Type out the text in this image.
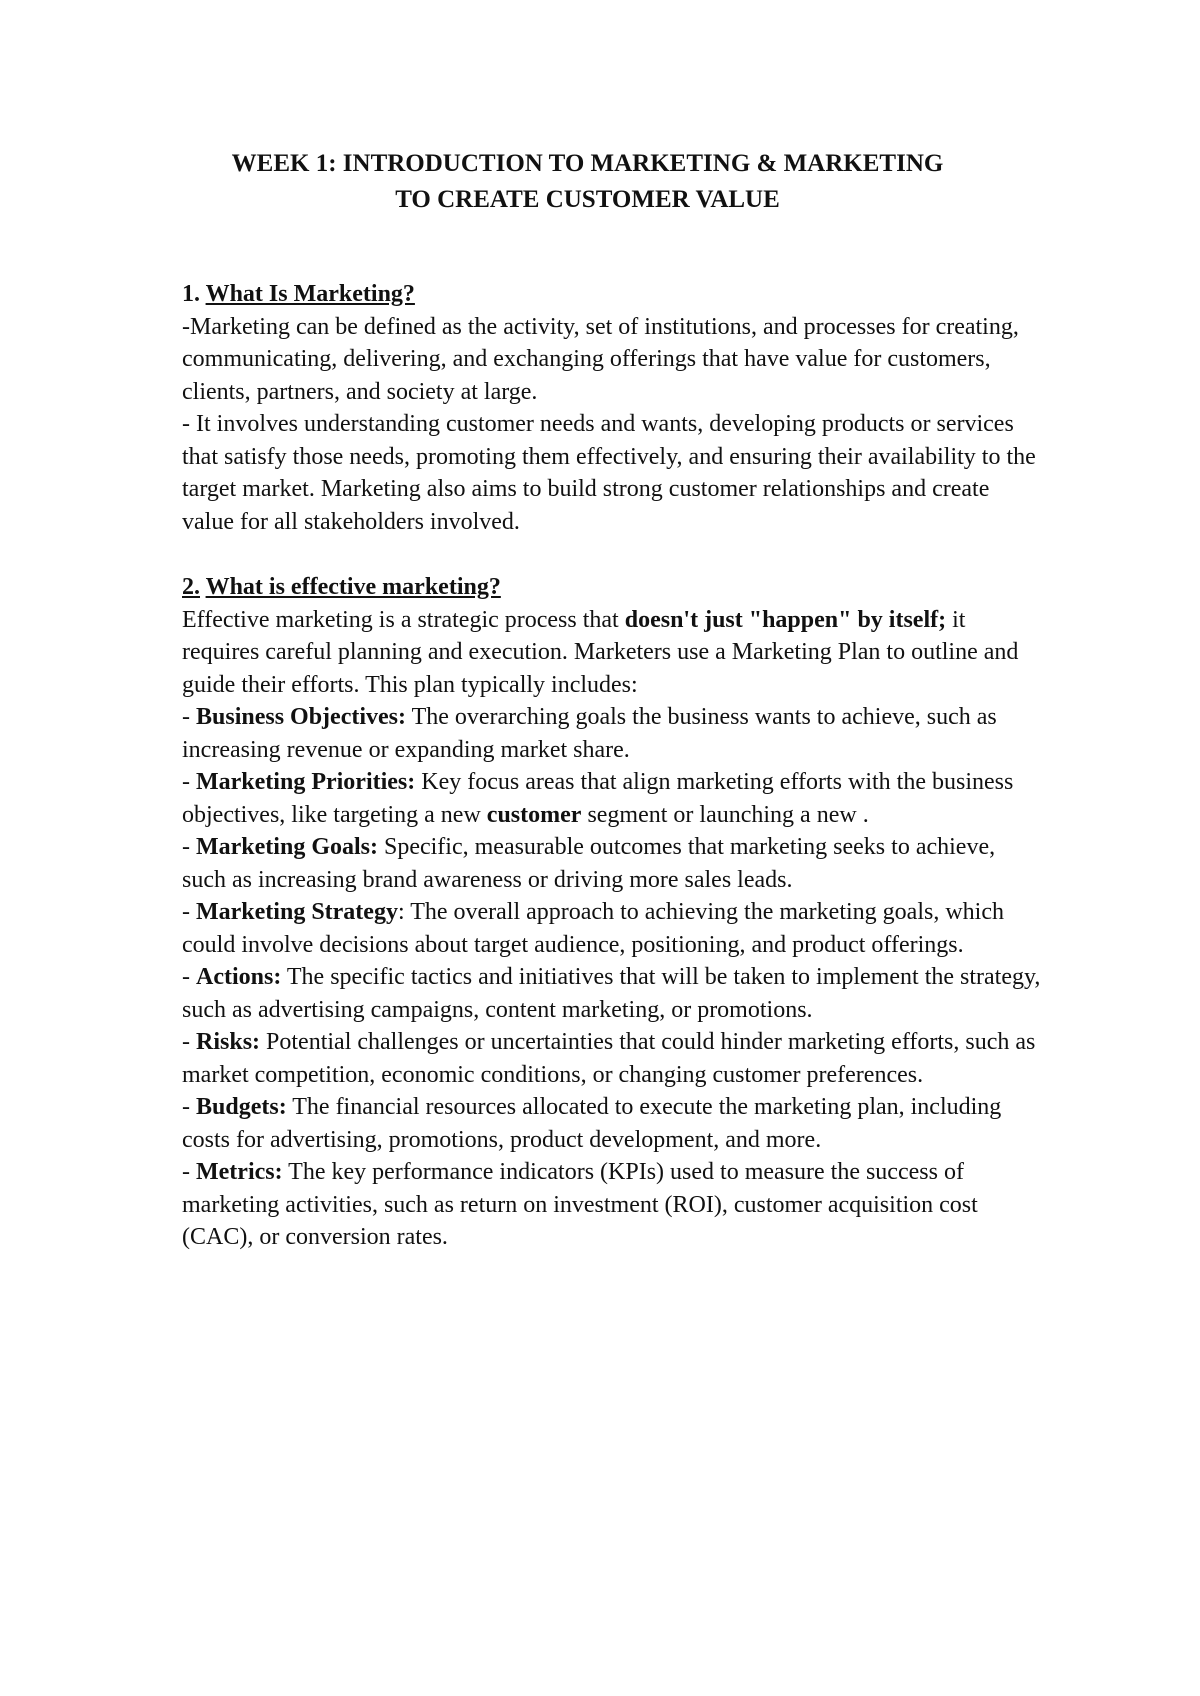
WEEK 1: INTRODUCTION TO MARKETING & MARKETING
TO CREATE CUSTOMER VALUE

1. What Is Marketing?

-Marketing can be defined as the activity, set of institutions, and processes for creating, communicating, delivering, and exchanging offerings that have value for customers, clients, partners, and society at large.

- It involves understanding customer needs and wants, developing products or services that satisfy those needs, promoting them effectively, and ensuring their availability to the target market. Marketing also aims to build strong customer relationships and create value for all stakeholders involved.

2. What is effective marketing?

Effective marketing is a strategic process that doesn't just "happen" by itself; it requires careful planning and execution. Marketers use a Marketing Plan to outline and guide their efforts. This plan typically includes:

- Business Objectives: The overarching goals the business wants to achieve, such as increasing revenue or expanding market share.

- Marketing Priorities: Key focus areas that align marketing efforts with the business objectives, like targeting a new customer segment or launching a new .

- Marketing Goals: Specific, measurable outcomes that marketing seeks to achieve, such as increasing brand awareness or driving more sales leads.

- Marketing Strategy: The overall approach to achieving the marketing goals, which could involve decisions about target audience, positioning, and product offerings.

- Actions: The specific tactics and initiatives that will be taken to implement the strategy, such as advertising campaigns, content marketing, or promotions.

- Risks: Potential challenges or uncertainties that could hinder marketing efforts, such as market competition, economic conditions, or changing customer preferences.

- Budgets: The financial resources allocated to execute the marketing plan, including costs for advertising, promotions, product development, and more.

- Metrics: The key performance indicators (KPIs) used to measure the success of marketing activities, such as return on investment (ROI), customer acquisition cost (CAC), or conversion rates.
